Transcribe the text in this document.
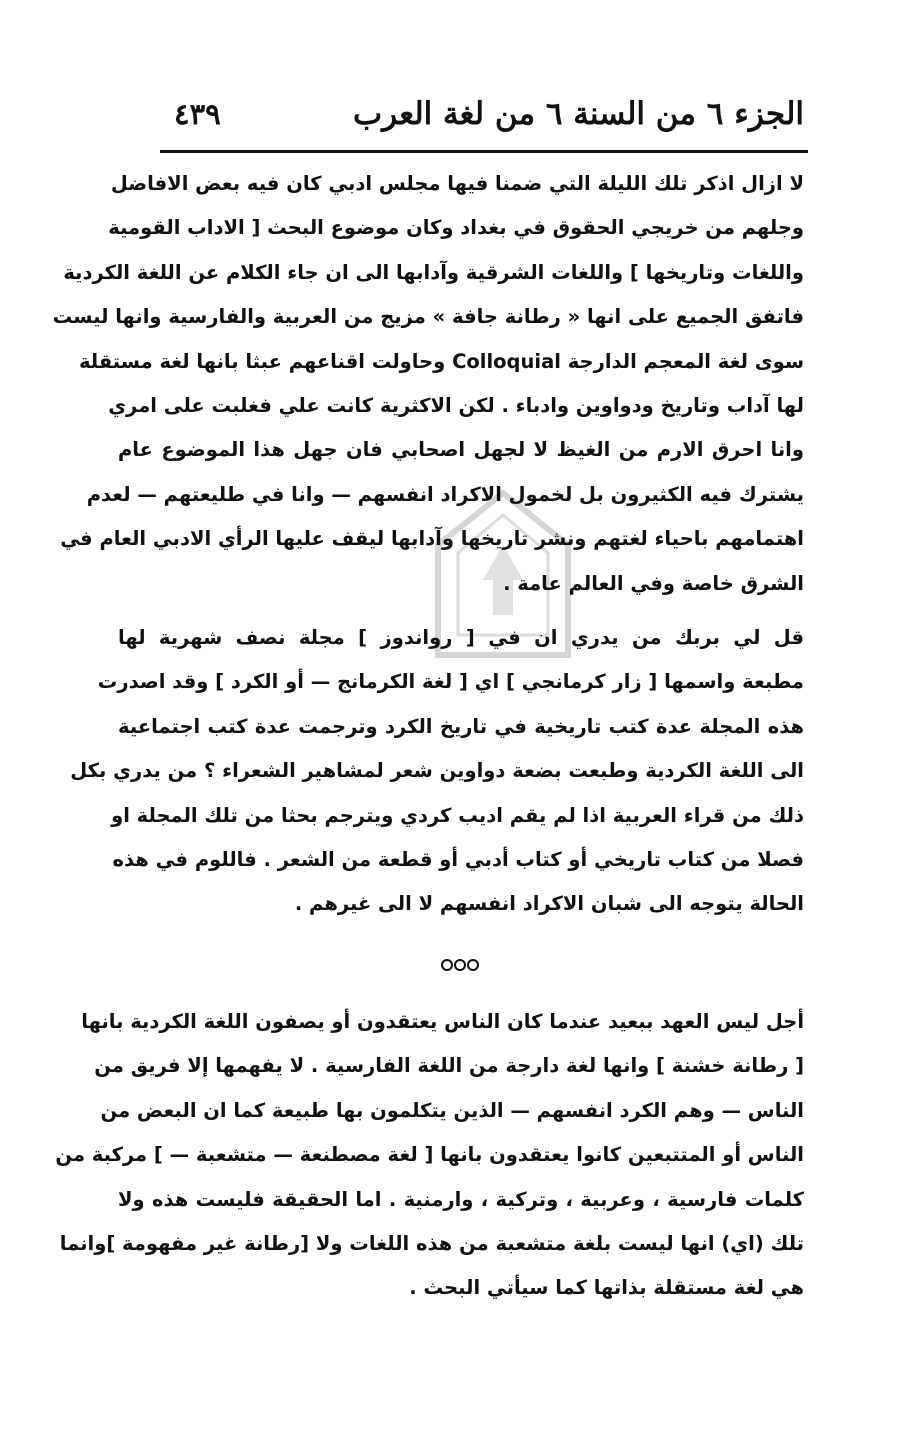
الجزء ٦ من السنة ٦ من لغة العرب
٤٣٩
لا ازال اذكر تلك الليلة التي ضمنا فيها مجلس ادبي كان فيه بعض الافاضل
وجلهم من خريجي الحقوق في بغداد وكان موضوع البحث [ الاداب القومية
واللغات وتاريخها ] واللغات الشرقية وآدابها الى ان جاء الكلام عن اللغة الكردية
فاتفق الجميع على انها « رطانة جافة » مزيج من العربية والفارسية وانها ليست
سوى لغة المعجم الدارجة Colloquial وحاولت اقناعهم عبثا بانها لغة مستقلة
لها آداب وتاريخ ودواوين وادباء . لكن الاكثرية كانت علي فغلبت على امري
وانا احرق الارم من الغيظ لا لجهل اصحابي فان جهل هذا الموضوع عام
يشترك فيه الكثيرون بل لخمول الاكراد انفسهم — وانا في طليعتهم — لعدم
اهتمامهم باحياء لغتهم ونشر تاريخها وآدابها ليقف عليها الرأي الادبي العام في
الشرق خاصة وفي العالم عامة .
قل لي بربك من يدري ان في [ رواندوز ] مجلة نصف شهرية لها
مطبعة واسمها [ زار كرمانجي ] اي [ لغة الكرمانج — أو الكرد ] وقد اصدرت
هذه المجلة عدة كتب تاريخية في تاريخ الكرد وترجمت عدة كتب اجتماعية
الى اللغة الكردية وطبعت بضعة دواوين شعر لمشاهير الشعراء ؟ من يدري بكل
ذلك من قراء العربية اذا لم يقم اديب كردي ويترجم بحثا من تلك المجلة او
فصلا من كتاب تاريخي أو كتاب أدبي أو قطعة من الشعر . فاللوم في هذه
الحالة يتوجه الى شبان الاكراد انفسهم لا الى غيرهم .
أجل ليس العهد ببعيد عندما كان الناس يعتقدون أو يصفون اللغة الكردية بانها
[ رطانة خشنة ] وانها لغة دارجة من اللغة الفارسية . لا يفهمها إلا فريق من
الناس — وهم الكرد انفسهم — الذين يتكلمون بها طبيعة كما ان البعض من
الناس أو المتتبعين كانوا يعتقدون بانها [ لغة مصطنعة — متشعبة — ] مركبة من
كلمات فارسية ، وعربية ، وتركية ، وارمنية . اما الحقيقة فليست هذه ولا
تلك (اي) انها ليست بلغة متشعبة من هذه اللغات ولا [رطانة غير مفهومة ]وانما
هي لغة مستقلة بذاتها كما سيأتي البحث .
